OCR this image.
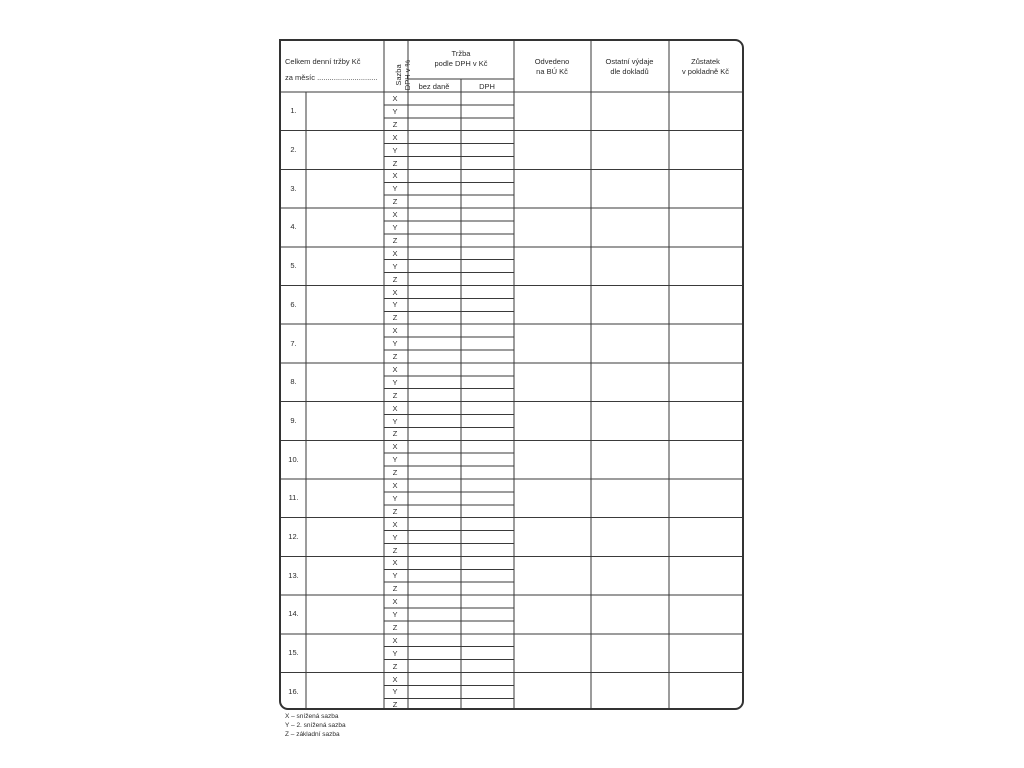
Celkem denní tržby Kč
za měsíc ............................. Sazba DPH v %
Tržba
podle DPH v Kč
bez daně	DPH
Odvedeno
na BÚ Kč
Ostatní výdaje
dle dokladů
Zůstatek
v pokladně Kč
1.
X
Y
Z
2.
X
Y
Z
3.
X
Y
Z
4.
X
Y
Z
5.
X
Y
Z
6.
X
Y
Z
7.
X
Y
Z
8.
X
Y
Z
9.
X
Y
Z
10.
X
Y
Z
11.
X
Y
Z
12.
X
Y
Z
13.
X
Y
Z
14.
X
Y
Z
15.
X
Y
Z
16.
X
Y
Z
X – snížená sazba
Y – 2. snížená sazba
Z – základní sazba
